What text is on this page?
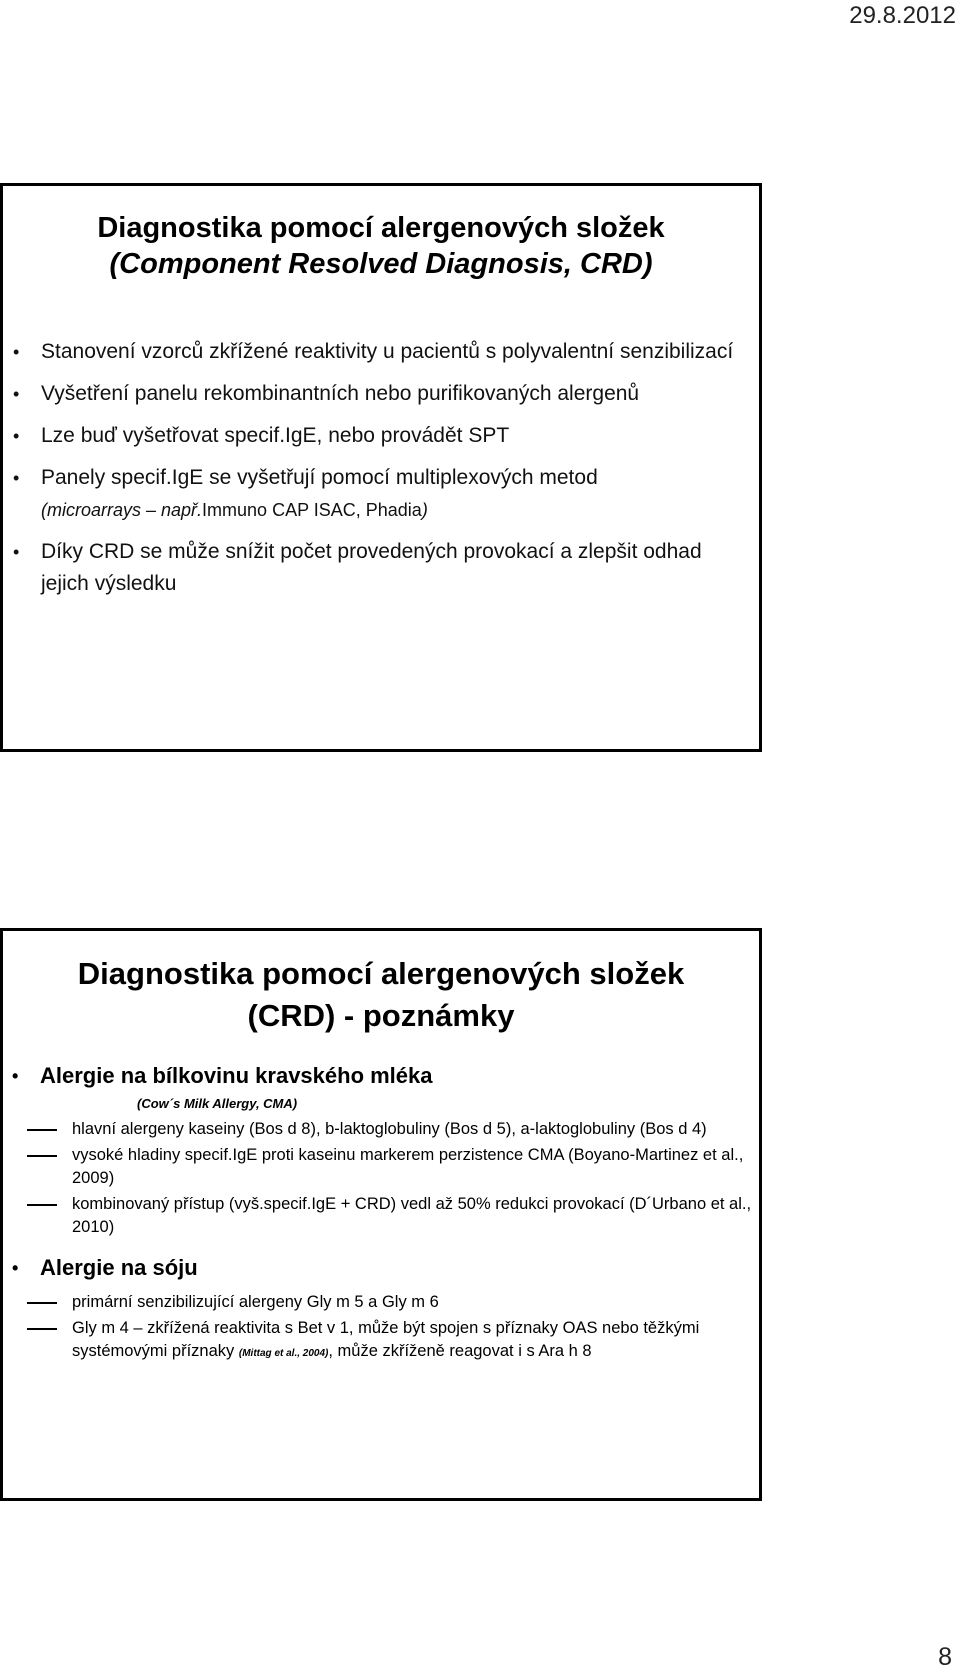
29.8.2012
Diagnostika pomocí alergenových složek
(Component Resolved Diagnosis, CRD)
• Stanovení vzorců zkřížené reaktivity u pacientů s polyvalentní senzibilizací
• Vyšetření panelu rekombinantních nebo purifikovaných alergenů
• Lze buď vyšetřovat specif.IgE, nebo provádět SPT
• Panely specif.IgE se vyšetřují pomocí multiplexových metod
(microarrays – např.Immuno CAP ISAC, Phadia)
• Díky CRD se může snížit počet provedených provokací a zlepšit odhad jejich výsledku
Diagnostika pomocí alergenových složek
(CRD) - poznámky
• Alergie na bílkovinu kravského mléka
(Cow´s Milk Allergy, CMA)
hlavní alergeny kaseiny (Bos d 8), b-laktoglobuliny (Bos d 5), a-laktoglobuliny (Bos d 4)
vysoké hladiny specif.IgE proti kaseinu markerem perzistence CMA (Boyano-Martinez et al., 2009)
kombinovaný přístup (vyš.specif.IgE + CRD) vedl až 50% redukci provokací (D´Urbano et al., 2010)
• Alergie na sóju
primární senzibilizující alergeny Gly m 5 a Gly m 6
Gly m 4 – zkřížená reaktivita s Bet v 1, může být spojen s příznaky OAS nebo těžkými systémovými příznaky (Mittag et al., 2004), může zkříženě reagovat i s Ara h 8
8
